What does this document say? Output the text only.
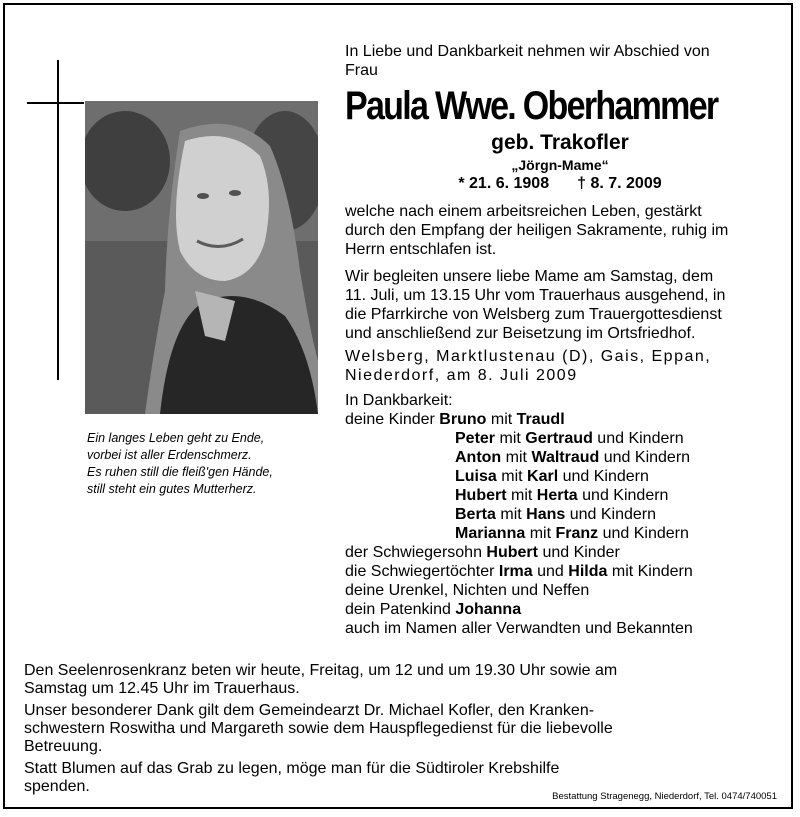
Ein langes Leben geht zu Ende,
vorbei ist aller Erdenschmerz.
Es ruhen still die fleiß'gen Hände,
still steht ein gutes Mutterherz.
In Liebe und Dankbarkeit nehmen wir Abschied von
Frau
Paula Wwe. Oberhammer
geb. Trakofler
„Jörgn-Mame“
* 21. 6. 1908 † 8. 7. 2009
welche nach einem arbeitsreichen Leben, gestärkt
durch den Empfang der heiligen Sakramente, ruhig im
Herrn entschlafen ist.
Wir begleiten unsere liebe Mame am Samstag, dem
11. Juli, um 13.15 Uhr vom Trauerhaus ausgehend, in
die Pfarrkirche von Welsberg zum Trauergottesdienst
und anschließend zur Beisetzung im Ortsfriedhof.
Welsberg, Marktlustenau (D), Gais, Eppan,
Niederdorf, am 8. Juli 2009
In Dankbarkeit:
deine Kinder Bruno mit Traudl
Peter mit Gertraud und Kindern
Anton mit Waltraud und Kindern
Luisa mit Karl und Kindern
Hubert mit Herta und Kindern
Berta mit Hans und Kindern
Marianna mit Franz und Kindern
der Schwiegersohn Hubert und Kinder
die Schwiegertöchter Irma und Hilda mit Kindern
deine Urenkel, Nichten und Neffen
dein Patenkind Johanna
auch im Namen aller Verwandten und Bekannten
Den Seelenrosenkranz beten wir heute, Freitag, um 12 und um 19.30 Uhr sowie am
Samstag um 12.45 Uhr im Trauerhaus.
Unser besonderer Dank gilt dem Gemeindearzt Dr. Michael Kofler, den Kranken-
schwestern Roswitha und Margareth sowie dem Hauspflegedienst für die liebevolle
Betreuung.
Statt Blumen auf das Grab zu legen, möge man für die Südtiroler Krebshilfe
spenden.
Bestattung Stragenegg, Niederdorf, Tel. 0474/740051
